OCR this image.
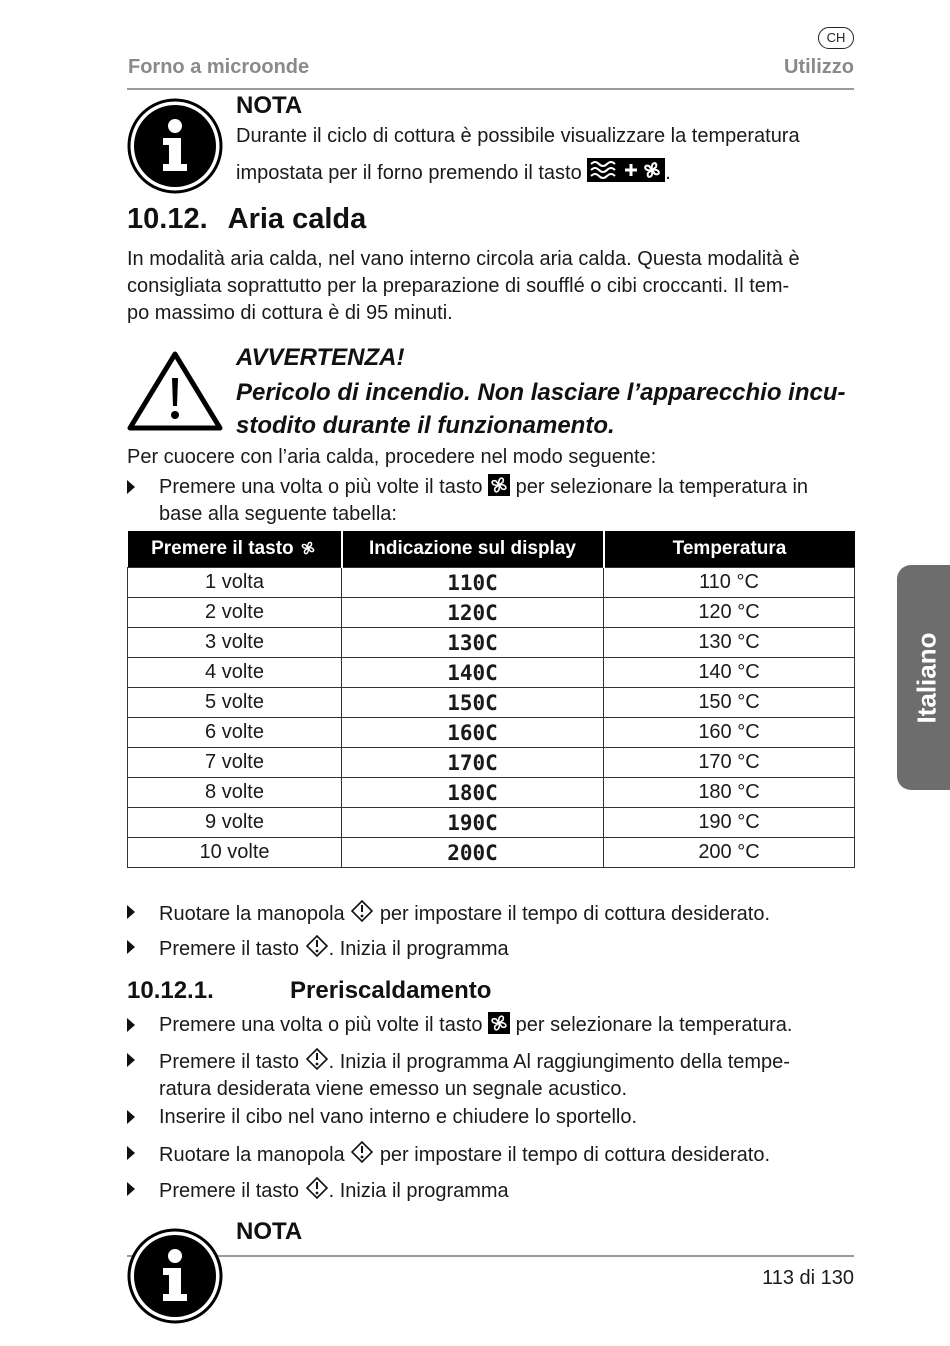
CH
Forno a microonde	Utilizzo
NOTA
Durante il ciclo di cottura è possibile visualizzare la temperatura
impostata per il forno premendo il tasto	.
10.12. Aria calda
In modalità aria calda, nel vano interno circola aria calda. Questa modalità è
consigliata soprattutto per la preparazione di soufflé o cibi croccanti. Il tem-
po massimo di cottura è di 95 minuti.
AVVERTENZA!
Pericolo di incendio. Non lasciare l’apparecchio incu-
stodito durante il funzionamento.
Per cuocere con l’aria calda, procedere nel modo seguente:
Premere una volta o più volte il tasto per selezionare la temperatura in
base alla seguente tabella:
Premere il tasto	Indicazione sul display	Temperatura
1 volta	110C	110 °C
2 volte	120C	120 °C
3 volte	130C	130 °C
4 volte	140C	140 °C
5 volte	150C	150 °C
6 volte	160C	160 °C
7 volte	170C	170 °C
8 volte	180C	180 °C
9 volte	190C	190 °C
10 volte	200C	200 °C
Ruotare la manopola per impostare il tempo di cottura desiderato.
Premere il tasto . Inizia il programma
10.12.1.	Preriscaldamento
Premere una volta o più volte il tasto per selezionare la temperatura.
Premere il tasto . Inizia il programma Al raggiungimento della tempe-
ratura desiderata viene emesso un segnale acustico.
Inserire il cibo nel vano interno e chiudere lo sportello.
Ruotare la manopola per impostare il tempo di cottura desiderato.
Premere il tasto . Inizia il programma
NOTA
Italiano
113 di 130
